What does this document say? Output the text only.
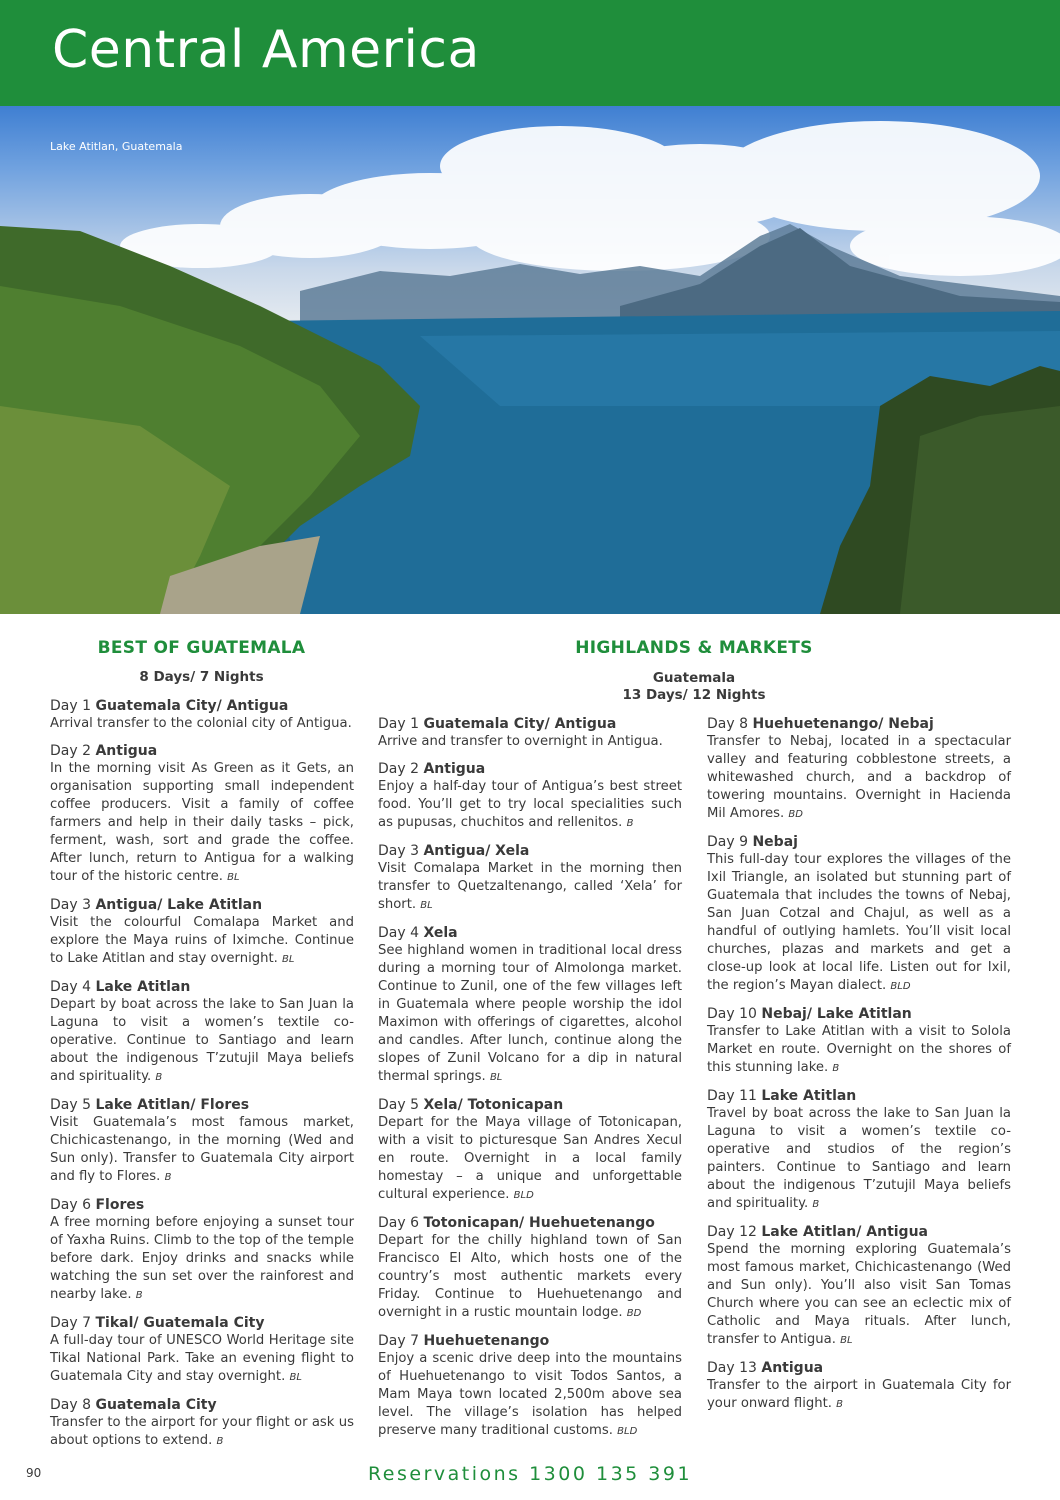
Central America
Lake Atitlan, Guatemala
BEST OF GUATEMALA
8 Days/ 7 Nights

Day 1 Guatemala City/ Antigua

Arrival transfer to the colonial city of Antigua.

Day 2 Antigua

In the morning visit As Green as it Gets, an organisation supporting small independent coffee producers. Visit a family of coffee farmers and help in their daily tasks – pick, ferment, wash, sort and grade the coffee. After lunch, return to Antigua for a walking tour of the historic centre. BL

Day 3 Antigua/ Lake Atitlan

Visit the colourful Comalapa Market and explore the Maya ruins of Iximche. Continue to Lake Atitlan and stay overnight. BL

Day 4 Lake Atitlan

Depart by boat across the lake to San Juan la Laguna to visit a women’s textile co-operative. Continue to Santiago and learn about the indigenous T’zutujil Maya beliefs and spirituality. B

Day 5 Lake Atitlan/ Flores

Visit Guatemala’s most famous market, Chichicastenango, in the morning (Wed and Sun only). Transfer to Guatemala City airport and fly to Flores. B

Day 6 Flores

A free morning before enjoying a sunset tour of Yaxha Ruins. Climb to the top of the temple before dark. Enjoy drinks and snacks while watching the sun set over the rainforest and nearby lake. B

Day 7 Tikal/ Guatemala City

A full-day tour of UNESCO World Heritage site Tikal National Park. Take an evening flight to Guatemala City and stay overnight. BL

Day 8 Guatemala City

Transfer to the airport for your flight or ask us about options to extend. B

HIGHLANDS & MARKETS
Guatemala
13 Days/ 12 Nights

Day 1 Guatemala City/ Antigua

Arrive and transfer to overnight in Antigua.

Day 2 Antigua

Enjoy a half-day tour of Antigua’s best street food. You’ll get to try local specialities such as pupusas, chuchitos and rellenitos. B

Day 3 Antigua/ Xela

Visit Comalapa Market in the morning then transfer to Quetzaltenango, called ‘Xela’ for short. BL

Day 4 Xela

See highland women in traditional local dress during a morning tour of Almolonga market. Continue to Zunil, one of the few villages left in Guatemala where people worship the idol Maximon with offerings of cigarettes, alcohol and candles. After lunch, continue along the slopes of Zunil Volcano for a dip in natural thermal springs. BL

Day 5 Xela/ Totonicapan

Depart for the Maya village of Totonicapan, with a visit to picturesque San Andres Xecul en route. Overnight in a local family homestay – a unique and unforgettable cultural experience. BLD

Day 6 Totonicapan/ Huehuetenango

Depart for the chilly highland town of San Francisco El Alto, which hosts one of the country’s most authentic markets every Friday. Continue to Huehuetenango and overnight in a rustic mountain lodge. BD

Day 7 Huehuetenango

Enjoy a scenic drive deep into the mountains of Huehuetenango to visit Todos Santos, a Mam Maya town located 2,500m above sea level. The village’s isolation has helped preserve many traditional customs. BLD

Day 8 Huehuetenango/ Nebaj

Transfer to Nebaj, located in a spectacular valley and featuring cobblestone streets, a whitewashed church, and a backdrop of towering mountains. Overnight in Hacienda Mil Amores. BD

Day 9 Nebaj

This full-day tour explores the villages of the Ixil Triangle, an isolated but stunning part of Guatemala that includes the towns of Nebaj, San Juan Cotzal and Chajul, as well as a handful of outlying hamlets. You’ll visit local churches, plazas and markets and get a close-up look at local life. Listen out for Ixil, the region’s Mayan dialect. BLD

Day 10 Nebaj/ Lake Atitlan

Transfer to Lake Atitlan with a visit to Solola Market en route. Overnight on the shores of this stunning lake. B

Day 11 Lake Atitlan

Travel by boat across the lake to San Juan la Laguna to visit a women’s textile co-operative and studios of the region’s painters. Continue to Santiago and learn about the indigenous T’zutujil Maya beliefs and spirituality. B

Day 12 Lake Atitlan/ Antigua

Spend the morning exploring Guatemala’s most famous market, Chichicastenango (Wed and Sun only). You’ll also visit San Tomas Church where you can see an eclectic mix of Catholic and Maya rituals. After lunch, transfer to Antigua. BL

Day 13 Antigua

Transfer to the airport in Guatemala City for your onward flight. B

90	Reservations 1300 135 391
